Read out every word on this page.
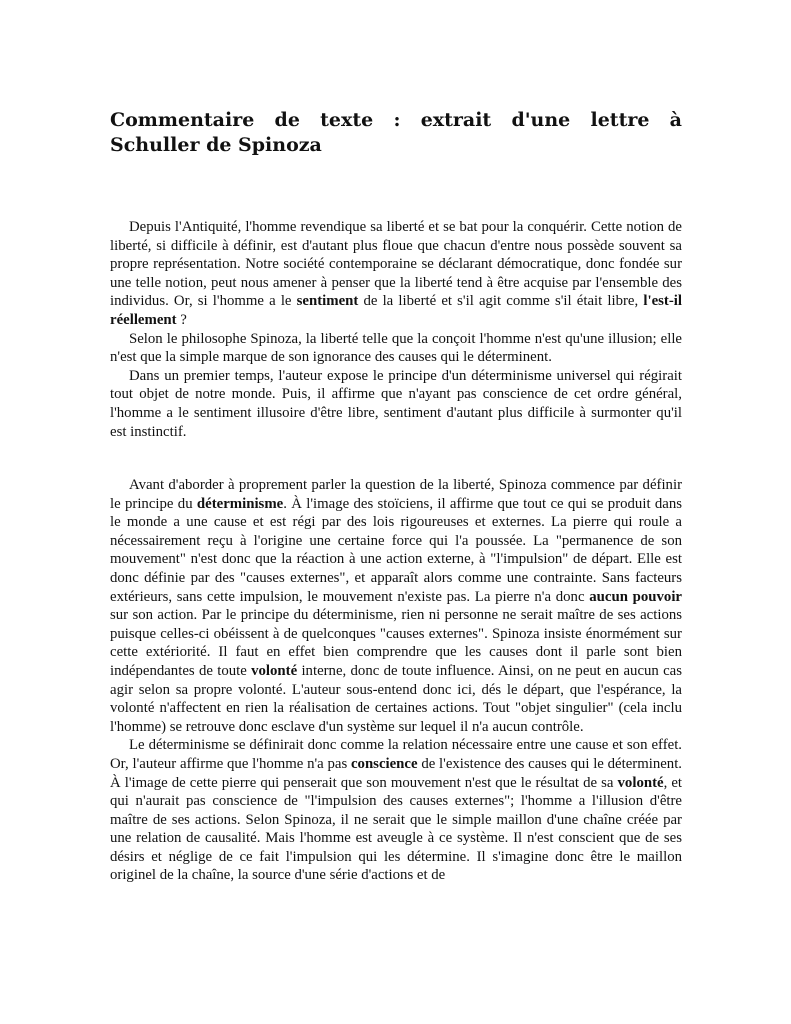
Commentaire de texte : extrait d'une lettre à Schuller de Spinoza

Depuis l'Antiquité, l'homme revendique sa liberté et se bat pour la conquérir. Cette notion de liberté, si difficile à définir, est d'autant plus floue que chacun d'entre nous possède souvent sa propre représentation. Notre société contemporaine se déclarant démocratique, donc fondée sur une telle notion, peut nous amener à penser que la liberté tend à être acquise par l'ensemble des individus. Or, si l'homme a le sentiment de la liberté et s'il agit comme s'il était libre, l'est-il réellement ?

Selon le philosophe Spinoza, la liberté telle que la conçoit l'homme n'est qu'une illusion; elle n'est que la simple marque de son ignorance des causes qui le déterminent.

Dans un premier temps, l'auteur expose le principe d'un déterminisme universel qui régirait tout objet de notre monde. Puis, il affirme que n'ayant pas conscience de cet ordre général, l'homme a le sentiment illusoire d'être libre, sentiment d'autant plus difficile à surmonter qu'il est instinctif.

Avant d'aborder à proprement parler la question de la liberté, Spinoza commence par définir le principe du déterminisme. À l'image des stoïciens, il affirme que tout ce qui se produit dans le monde a une cause et est régi par des lois rigoureuses et externes. La pierre qui roule a nécessairement reçu à l'origine une certaine force qui l'a poussée. La "permanence de son mouvement" n'est donc que la réaction à une action externe, à "l'impulsion" de départ. Elle est donc définie par des "causes externes", et apparaît alors comme une contrainte. Sans facteurs extérieurs, sans cette impulsion, le mouvement n'existe pas. La pierre n'a donc aucun pouvoir sur son action. Par le principe du déterminisme, rien ni personne ne serait maître de ses actions puisque celles-ci obéissent à de quelconques "causes externes". Spinoza insiste énormément sur cette extériorité. Il faut en effet bien comprendre que les causes dont il parle sont bien indépendantes de toute volonté interne, donc de toute influence. Ainsi, on ne peut en aucun cas agir selon sa propre volonté. L'auteur sous-entend donc ici, dés le départ, que l'espérance, la volonté n'affectent en rien la réalisation de certaines actions. Tout "objet singulier" (cela inclu l'homme) se retrouve donc esclave d'un système sur lequel il n'a aucun contrôle.

Le déterminisme se définirait donc comme la relation nécessaire entre une cause et son effet. Or, l'auteur affirme que l'homme n'a pas conscience de l'existence des causes qui le déterminent. À l'image de cette pierre qui penserait que son mouvement n'est que le résultat de sa volonté, et qui n'aurait pas conscience de "l'impulsion des causes externes"; l'homme a l'illusion d'être maître de ses actions. Selon Spinoza, il ne serait que le simple maillon d'une chaîne créée par une relation de causalité. Mais l'homme est aveugle à ce système. Il n'est conscient que de ses désirs et néglige de ce fait l'impulsion qui les détermine. Il s'imagine donc être le maillon originel de la chaîne, la source d'une série d'actions et de
